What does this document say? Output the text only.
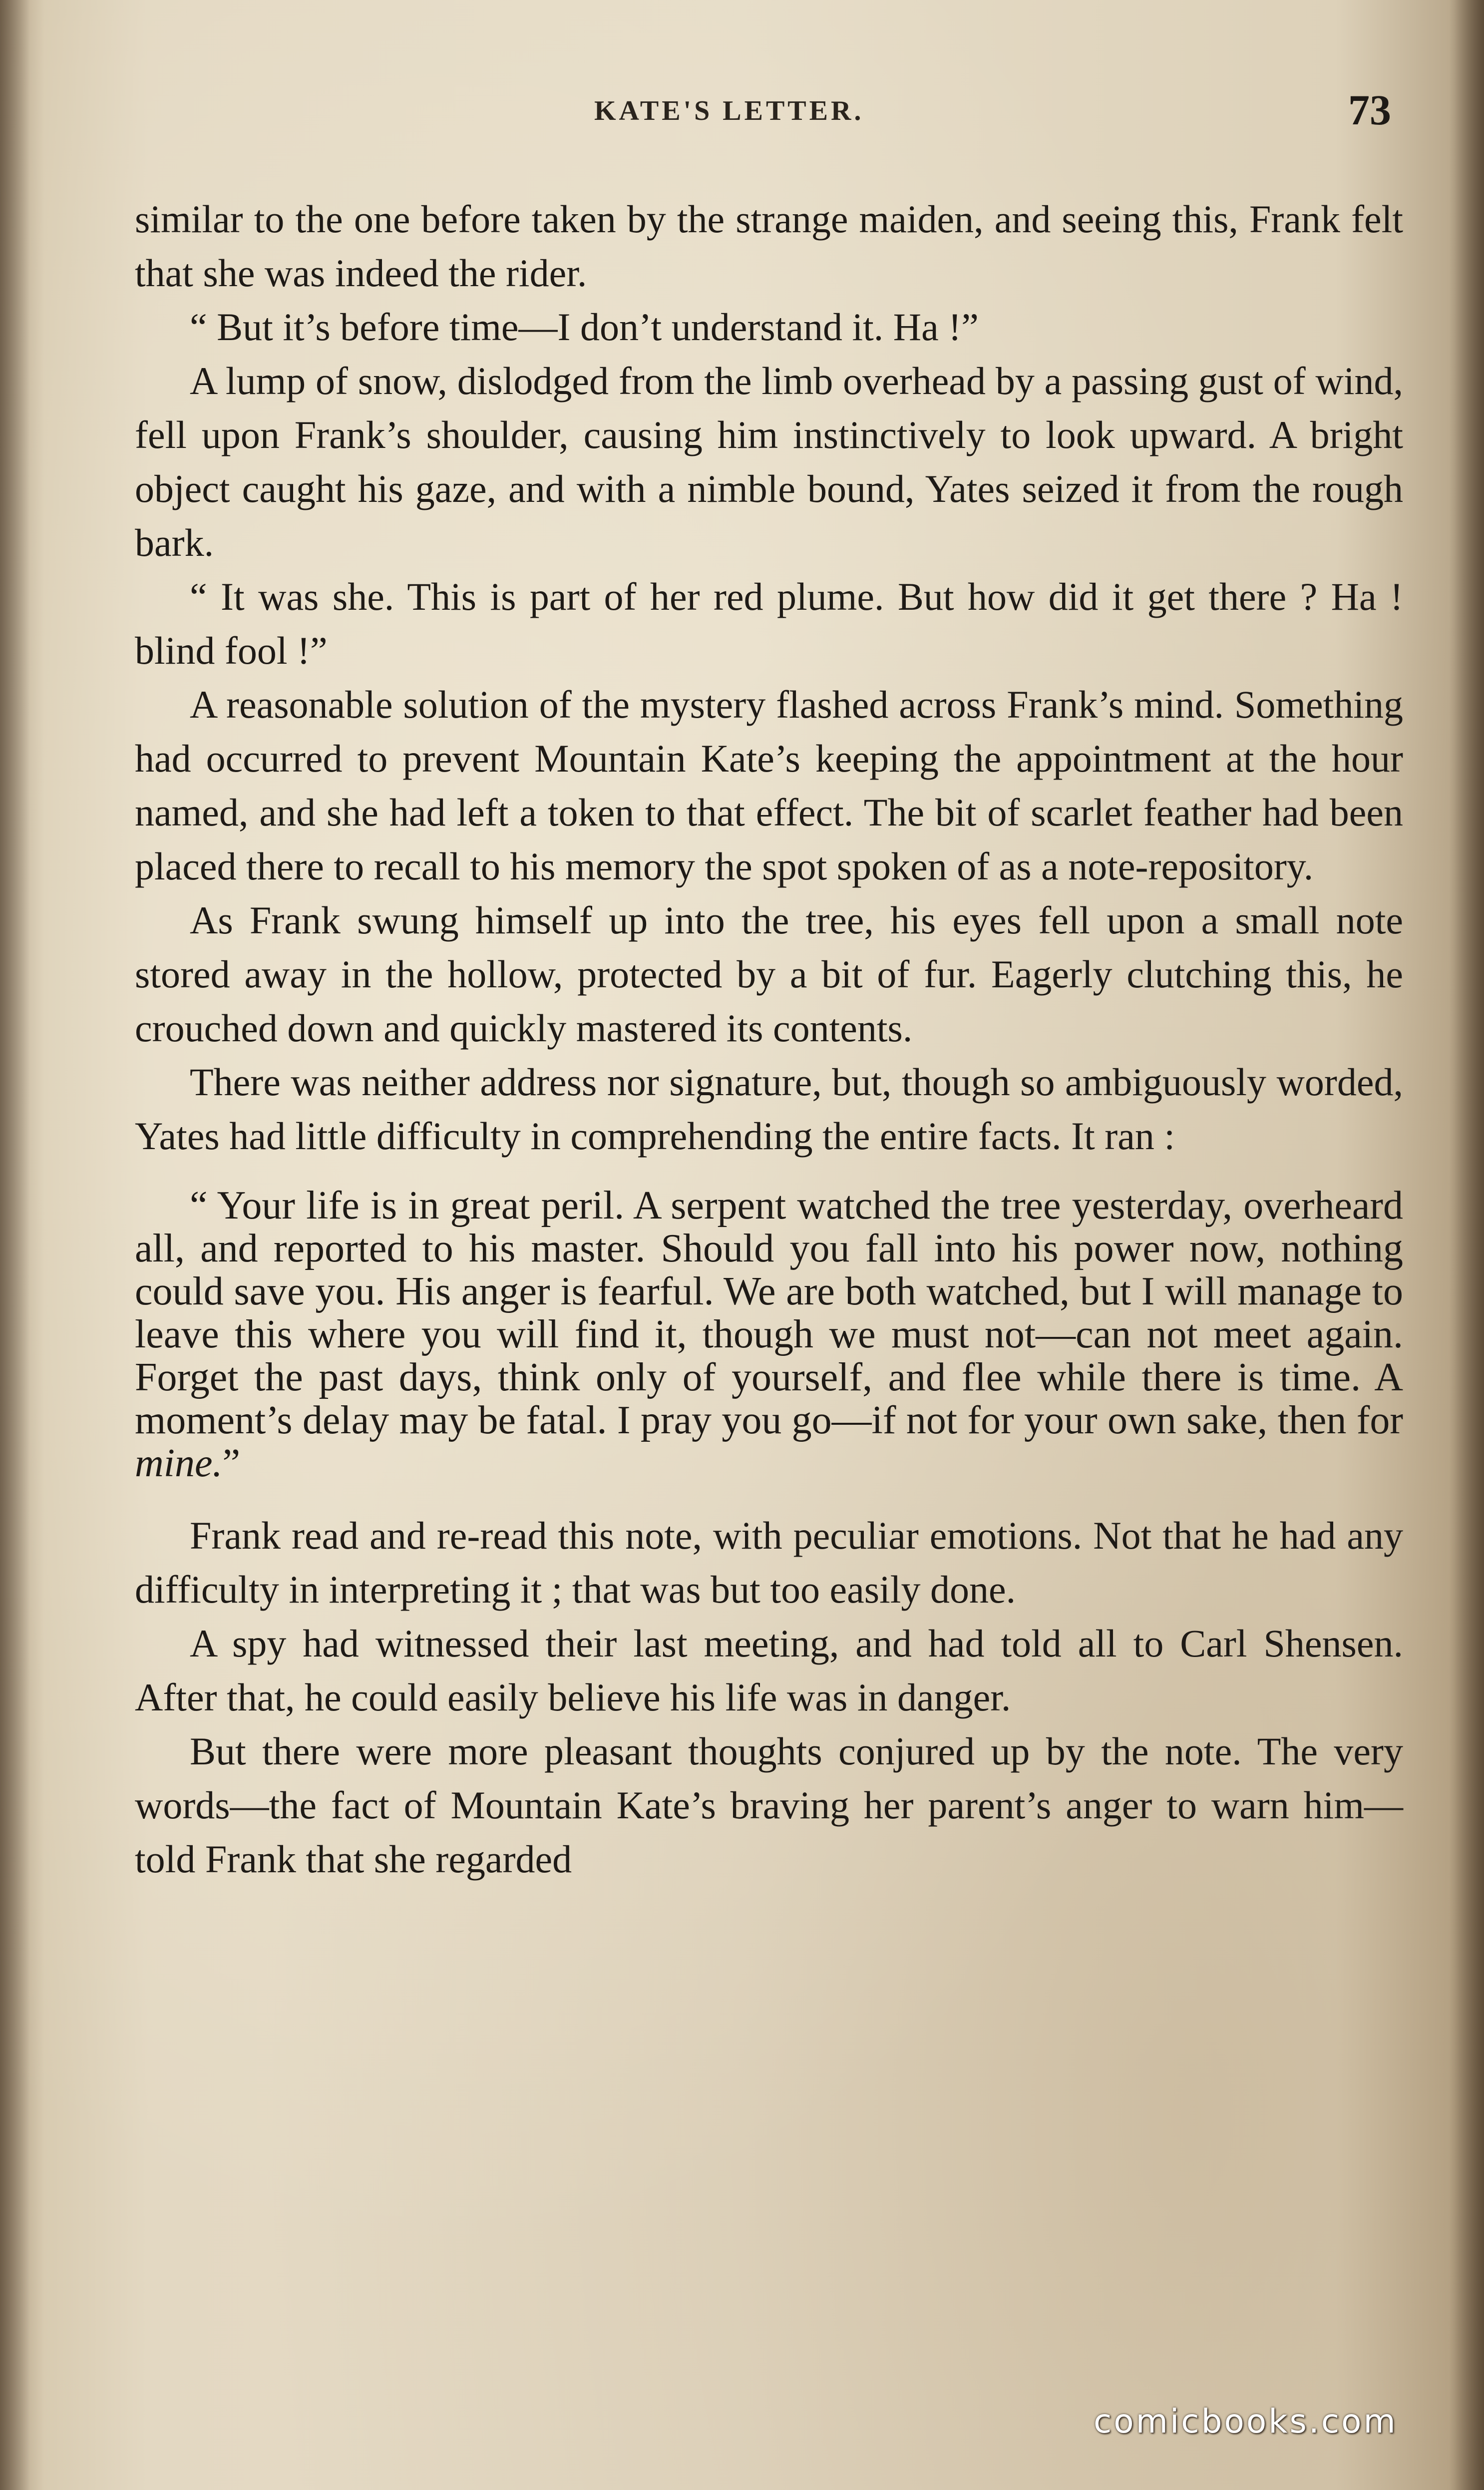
KATE'S LETTER.	73

similar to the one before taken by the strange maiden, and seeing this, Frank felt that she was indeed the rider.

“ But it’s before time—I don’t understand it. Ha !”

A lump of snow, dislodged from the limb overhead by a passing gust of wind, fell upon Frank’s shoulder, causing him instinctively to look upward. A bright object caught his gaze, and with a nimble bound, Yates seized it from the rough bark.

“ It was she. This is part of her red plume. But how did it get there ? Ha ! blind fool !”

A reasonable solution of the mystery flashed across Frank’s mind. Something had occurred to prevent Mountain Kate’s keeping the appointment at the hour named, and she had left a token to that effect. The bit of scarlet feather had been placed there to recall to his memory the spot spoken of as a note-repository.

As Frank swung himself up into the tree, his eyes fell upon a small note stored away in the hollow, protected by a bit of fur. Eagerly clutching this, he crouched down and quickly mastered its contents.

There was neither address nor signature, but, though so ambiguously worded, Yates had little difficulty in comprehending the entire facts. It ran :

“ Your life is in great peril. A serpent watched the tree yesterday, overheard all, and reported to his master. Should you fall into his power now, nothing could save you. His anger is fearful. We are both watched, but I will manage to leave this where you will find it, though we must not—can not meet again. Forget the past days, think only of yourself, and flee while there is time. A moment’s delay may be fatal. I pray you go—if not for your own sake, then for mine.”

Frank read and re-read this note, with peculiar emotions. Not that he had any difficulty in interpreting it ; that was but too easily done.

A spy had witnessed their last meeting, and had told all to Carl Shensen. After that, he could easily believe his life was in danger.

But there were more pleasant thoughts conjured up by the note. The very words—the fact of Mountain Kate’s braving her parent’s anger to warn him—told Frank that she regarded

comicbooks.com
